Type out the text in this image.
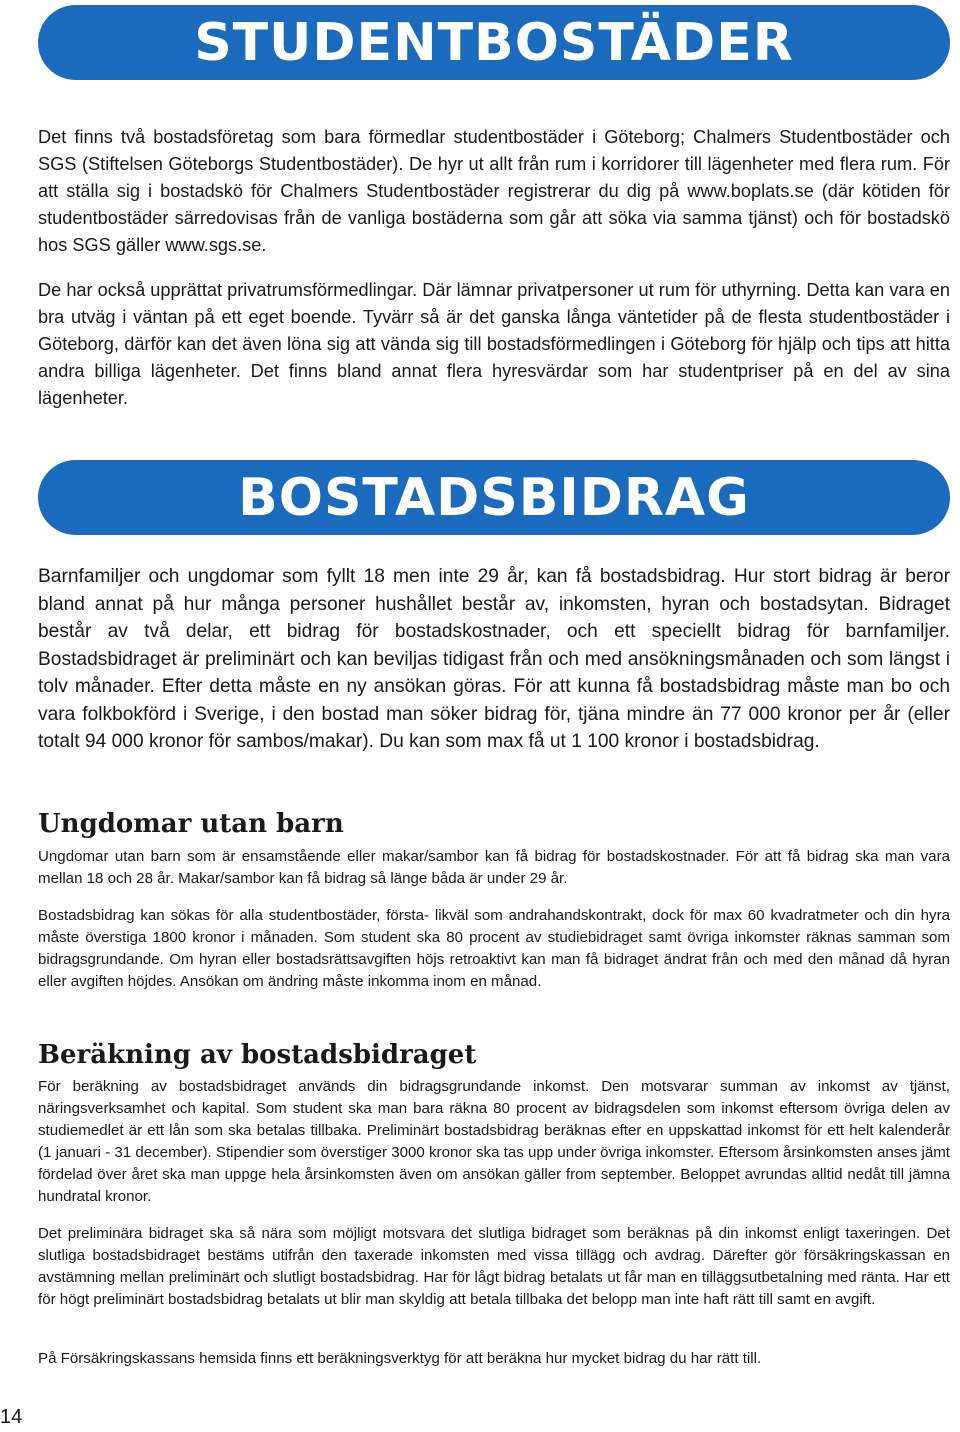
STUDENTBOSTÄDER

Det finns två bostadsföretag som bara förmedlar studentbostäder i Göteborg; Chalmers Studentbostäder och SGS (Stiftelsen Göteborgs Studentbostäder). De hyr ut allt från rum i korridorer till lägenheter med flera rum. För att ställa sig i bostadskö för Chalmers Studentbostäder registrerar du dig på www.boplats.se (där kötiden för studentbostäder särredovisas från de vanliga bostäderna som går att söka via samma tjänst) och för bostadskö hos SGS gäller www.sgs.se.

De har också upprättat privatrumsförmedlingar. Där lämnar privatpersoner ut rum för uthyrning. Detta kan vara en bra utväg i väntan på ett eget boende. Tyvärr så är det ganska långa väntetider på de flesta studentbostäder i Göteborg, därför kan det även löna sig att vända sig till bostadsförmedlingen i Göteborg för hjälp och tips att hitta andra billiga lägenheter. Det finns bland annat flera hyresvärdar som har studentpriser på en del av sina lägenheter.

BOSTADSBIDRAG

Barnfamiljer och ungdomar som fyllt 18 men inte 29 år, kan få bostadsbidrag. Hur stort bidrag är beror bland annat på hur många personer hushållet består av, inkomsten, hyran och bostadsytan. Bidraget består av två delar, ett bidrag för bostadskostnader, och ett speciellt bidrag för barnfamiljer. Bostadsbidraget är preliminärt och kan beviljas tidigast från och med ansökningsmånaden och som längst i tolv månader. Efter detta måste en ny ansökan göras. För att kunna få bostadsbidrag måste man bo och vara folkbokförd i Sverige, i den bostad man söker bidrag för, tjäna mindre än 77 000 kronor per år (eller totalt 94 000 kronor för sambos/makar). Du kan som max få ut 1 100 kronor i bostadsbidrag.

Ungdomar utan barn

Ungdomar utan barn som är ensamstående eller makar/sambor kan få bidrag för bostadskostnader. För att få bidrag ska man vara mellan 18 och 28 år. Makar/sambor kan få bidrag så länge båda är under 29 år.

Bostadsbidrag kan sökas för alla studentbostäder, första- likväl som andrahandskontrakt, dock för max 60 kvadratmeter och din hyra måste överstiga 1800 kronor i månaden. Som student ska 80 procent av studiebidraget samt övriga inkomster räknas samman som bidragsgrundande. Om hyran eller bostadsrättsavgiften höjs retroaktivt kan man få bidraget ändrat från och med den månad då hyran eller avgiften höjdes. Ansökan om ändring måste inkomma inom en månad.

Beräkning av bostadsbidraget

För beräkning av bostadsbidraget används din bidragsgrundande inkomst. Den motsvarar summan av inkomst av tjänst, näringsverksamhet och kapital. Som student ska man bara räkna 80 procent av bidragsdelen som inkomst eftersom övriga delen av studiemedlet är ett lån som ska betalas tillbaka. Preliminärt bostadsbidrag beräknas efter en uppskattad inkomst för ett helt kalenderår (1 januari - 31 december). Stipendier som överstiger 3000 kronor ska tas upp under övriga inkomster. Eftersom årsinkomsten anses jämt fördelad över året ska man uppge hela årsinkomsten även om ansökan gäller from september. Beloppet avrundas alltid nedåt till jämna hundratal kronor.

Det preliminära bidraget ska så nära som möjligt motsvara det slutliga bidraget som beräknas på din inkomst enligt taxeringen. Det slutliga bostadsbidraget bestäms utifrån den taxerade inkomsten med vissa tillägg och avdrag. Därefter gör försäkringskassan en avstämning mellan preliminärt och slutligt bostadsbidrag. Har för lågt bidrag betalats ut får man en tilläggsutbetalning med ränta. Har ett för högt preliminärt bostadsbidrag betalats ut blir man skyldig att betala tillbaka det belopp man inte haft rätt till samt en avgift.

På Försäkringskassans hemsida finns ett beräkningsverktyg för att beräkna hur mycket bidrag du har rätt till.

14
